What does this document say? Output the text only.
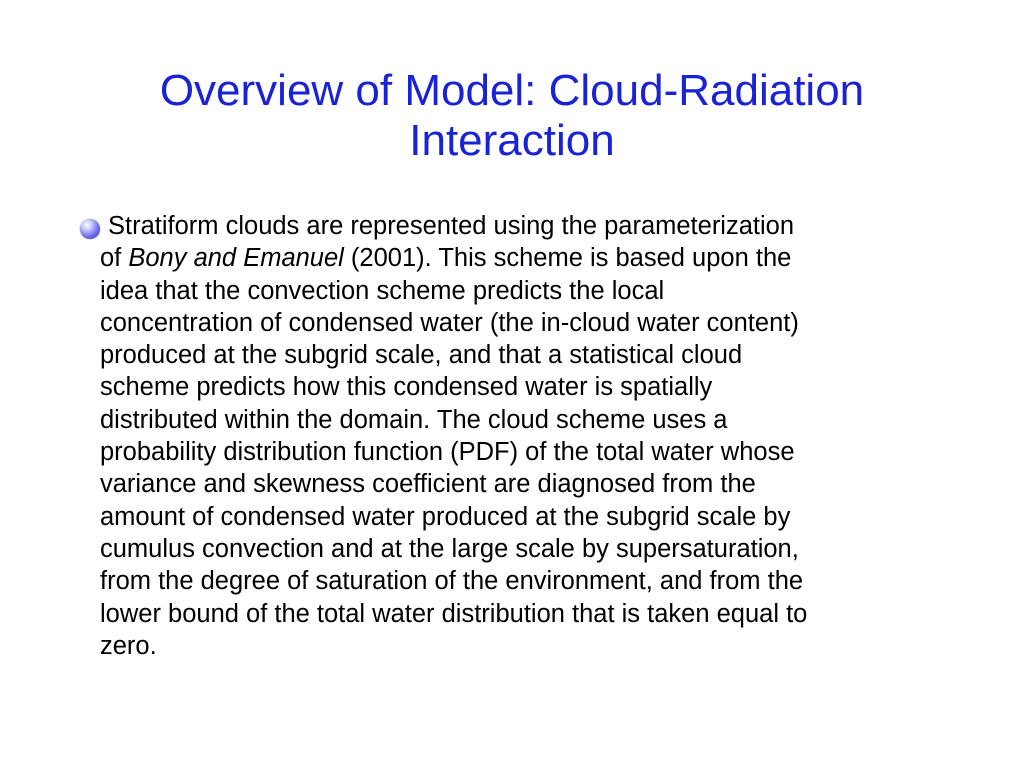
Overview of Model: Cloud-Radiation
Interaction

Stratiform clouds are represented using the parameterization
of Bony and Emanuel (2001). This scheme is based upon the
idea that the convection scheme predicts the local
concentration of condensed water (the in-cloud water content)
produced at the subgrid scale, and that a statistical cloud
scheme predicts how this condensed water is spatially
distributed within the domain. The cloud scheme uses a
probability distribution function (PDF) of the total water whose
variance and skewness coefficient are diagnosed from the
amount of condensed water produced at the subgrid scale by
cumulus convection and at the large scale by supersaturation,
from the degree of saturation of the environment, and from the
lower bound of the total water distribution that is taken equal to
zero.
